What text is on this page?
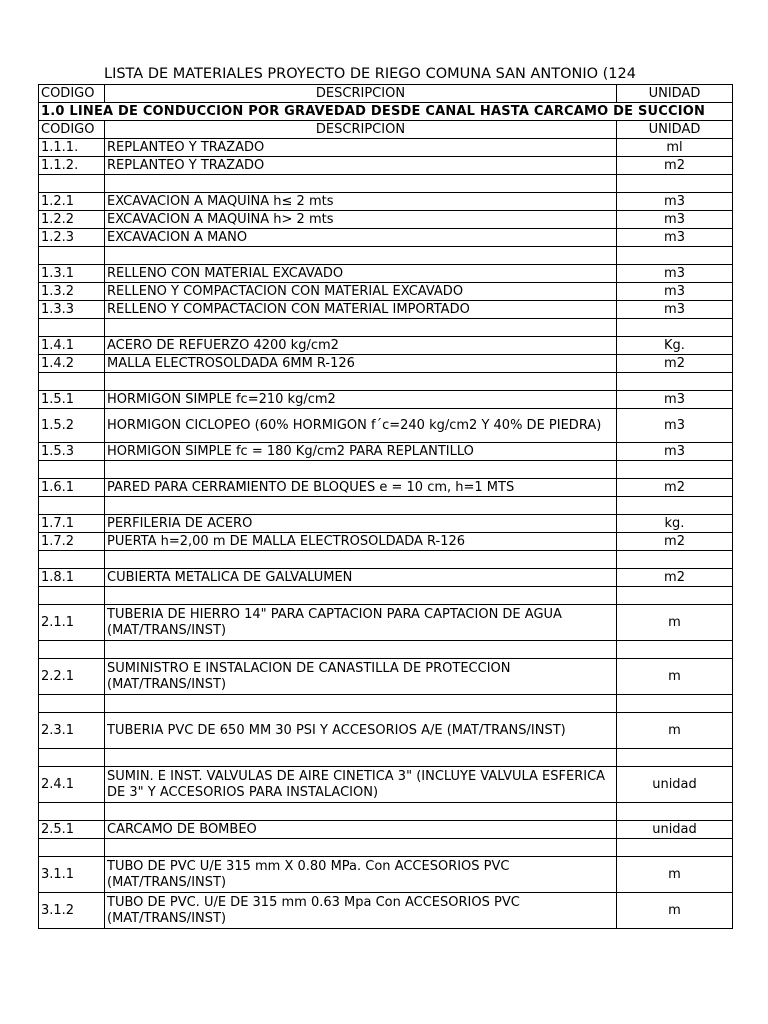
LISTA DE MATERIALES PROYECTO DE RIEGO COMUNA SAN ANTONIO (124
CODIGO	DESCRIPCION	UNIDAD
1.0 LINEA DE CONDUCCION POR GRAVEDAD DESDE CANAL HASTA CARCAMO DE SUCCION		
CODIGO	DESCRIPCION	UNIDAD
1.1.1.	REPLANTEO Y TRAZADO	ml
1.1.2.	REPLANTEO Y TRAZADO	m2

1.2.1	EXCAVACION A MAQUINA h≤ 2 mts	m3
1.2.2	EXCAVACION A MAQUINA h> 2 mts	m3
1.2.3	EXCAVACION A MANO	m3

1.3.1	RELLENO CON MATERIAL EXCAVADO	m3
1.3.2	RELLENO Y COMPACTACION CON MATERIAL EXCAVADO	m3
1.3.3	RELLENO Y COMPACTACION CON MATERIAL IMPORTADO	m3

1.4.1	ACERO DE REFUERZO 4200 kg/cm2	Kg.
1.4.2	MALLA ELECTROSOLDADA 6MM R-126	m2

1.5.1	HORMIGON SIMPLE fc=210 kg/cm2	m3
1.5.2	HORMIGON CICLOPEO (60% HORMIGON f´c=240 kg/cm2 Y 40% DE PIEDRA)	m3
1.5.3	HORMIGON SIMPLE fc = 180 Kg/cm2 PARA REPLANTILLO	m3

1.6.1	PARED PARA CERRAMIENTO DE BLOQUES e = 10 cm, h=1 MTS	m2

1.7.1	PERFILERIA DE ACERO	kg.
1.7.2	PUERTA h=2,00 m DE MALLA ELECTROSOLDADA R-126	m2

1.8.1	CUBIERTA METALICA DE GALVALUMEN	m2

2.1.1	TUBERIA DE HIERRO 14" PARA CAPTACION PARA CAPTACION DE AGUA (MAT/TRANS/INST)	m

2.2.1	SUMINISTRO E INSTALACION DE CANASTILLA DE PROTECCION (MAT/TRANS/INST)	m

2.3.1	TUBERIA PVC DE 650 MM 30 PSI Y ACCESORIOS A/E (MAT/TRANS/INST)	m

2.4.1	SUMIN. E INST. VALVULAS DE AIRE CINETICA 3" (INCLUYE VALVULA ESFERICA DE 3" Y ACCESORIOS PARA INSTALACION)	unidad

2.5.1	CARCAMO DE BOMBEO	unidad

3.1.1	TUBO DE PVC U/E 315 mm X 0.80 MPa. Con ACCESORIOS PVC (MAT/TRANS/INST)	m
3.1.2	TUBO DE PVC. U/E DE 315 mm 0.63 Mpa Con ACCESORIOS PVC (MAT/TRANS/INST)	m
